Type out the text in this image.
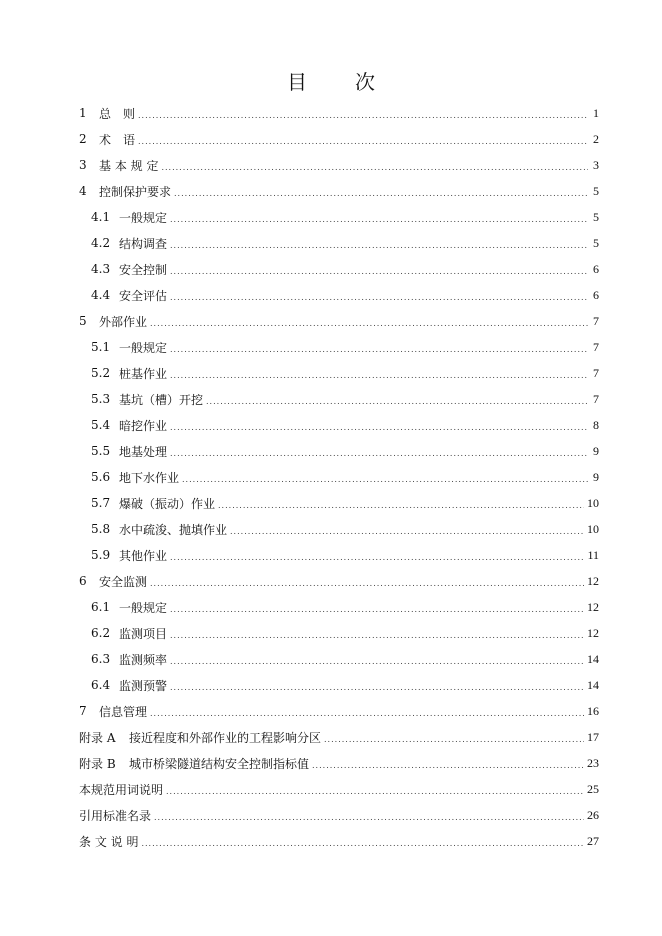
目　次
1	总　则 .....	1
2	术　语 .....	2
3	基 本 规 定 .....	3
4	控制保护要求 .....	5
4.1 一般规定 .....	5
4.2 结构调查 .....	5
4.3 安全控制 .....	6
4.4 安全评估 .....	6
5	外部作业 .....	7
5.1 一般规定 .....	7
5.2 桩基作业 .....	7
5.3 基坑（槽）开挖 .....	7
5.4 暗挖作业 .....	8
5.5 地基处理 .....	9
5.6 地下水作业 .....	9
5.7 爆破（振动）作业 .....	10
5.8 水中疏浚、抛填作业 .....	10
5.9 其他作业 .....	11
6	安全监测 .....	12
6.1 一般规定 .....	12
6.2 监测项目 .....	12
6.3 监测频率 .....	14
6.4 监测预警 .....	14
7	信息管理 .....	16
附录 A	接近程度和外部作业的工程影响分区 .....	17
附录 B	城市桥梁隧道结构安全控制指标值 .....	23
本规范用词说明 .....	25
引用标准名录 .....	26
条 文 说 明 .....	27
